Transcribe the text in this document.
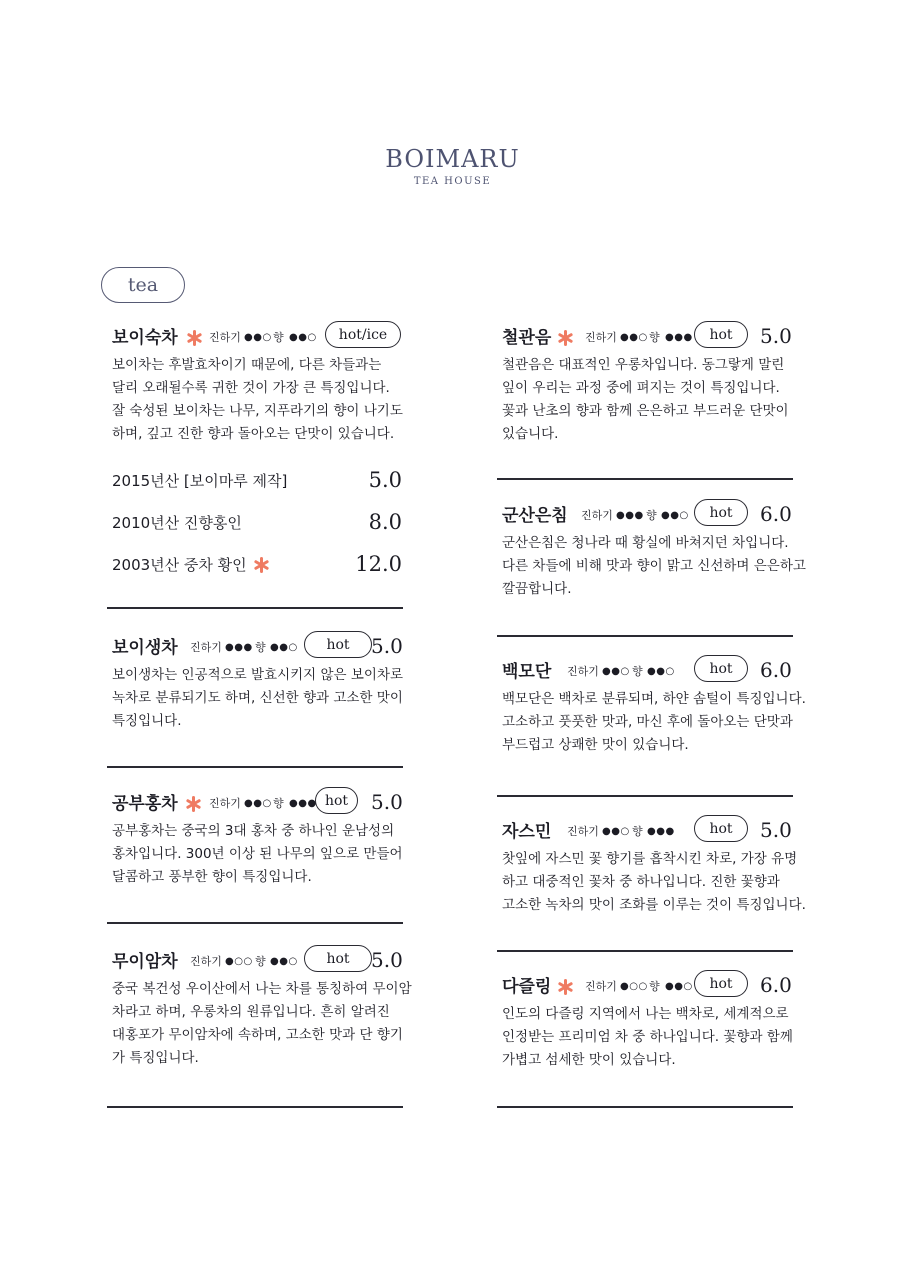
BOIMARU
TEA HOUSE
tea
보이숙차	진하기 ●●○ 향 ●●○	hot/ice
보이차는 후발효차이기 때문에, 다른 차들과는
달리 오래될수록 귀한 것이 가장 큰 특징입니다.
잘 숙성된 보이차는 나무, 지푸라기의 향이 나기도
하며, 깊고 진한 향과 돌아오는 단맛이 있습니다.
2015년산 [보이마루 제작]	5.0
2010년산 진향홍인	8.0
2003년산 중차 황인	12.0
보이생차 진하기 ●●● 향 ●●○	hot	5.0
보이생차는 인공적으로 발효시키지 않은 보이차로
녹차로 분류되기도 하며, 신선한 향과 고소한 맛이
특징입니다.
공부홍차	진하기 ●●○ 향 ●●● hot	5.0
공부홍차는 중국의 3대 홍차 중 하나인 운남성의
홍차입니다. 300년 이상 된 나무의 잎으로 만들어
달콤하고 풍부한 향이 특징입니다.
무이암차 진하기 ●○○ 향 ●●○	hot	5.0
중국 복건성 우이산에서 나는 차를 통칭하여 무이암
차라고 하며, 우롱차의 원류입니다. 흔히 알려진
대홍포가 무이암차에 속하며, 고소한 맛과 단 향기
가 특징입니다.
철관음	진하기 ●●○ 향 ●●●	hot	5.0
철관음은 대표적인 우롱차입니다. 동그랗게 말린
잎이 우리는 과정 중에 펴지는 것이 특징입니다.
꽃과 난초의 향과 함께 은은하고 부드러운 단맛이
있습니다.
군산은침 진하기 ●●● 향 ●●○	hot	6.0
군산은침은 청나라 때 황실에 바쳐지던 차입니다.
다른 차들에 비해 맛과 향이 맑고 신선하며 은은하고
깔끔합니다.
백모단 진하기 ●●○ 향 ●●○	hot	6.0
백모단은 백차로 분류되며, 하얀 솜털이 특징입니다.
고소하고 풋풋한 맛과, 마신 후에 돌아오는 단맛과
부드럽고 상쾌한 맛이 있습니다.
자스민 진하기 ●●○ 향 ●●●	hot	5.0
찻잎에 자스민 꽃 향기를 흡착시킨 차로, 가장 유명
하고 대중적인 꽃차 중 하나입니다. 진한 꽃향과
고소한 녹차의 맛이 조화를 이루는 것이 특징입니다.
다즐링	진하기 ●○○ 향 ●●○	hot	6.0
인도의 다즐링 지역에서 나는 백차로, 세계적으로
인정받는 프리미엄 차 중 하나입니다. 꽃향과 함께
가볍고 섬세한 맛이 있습니다.
